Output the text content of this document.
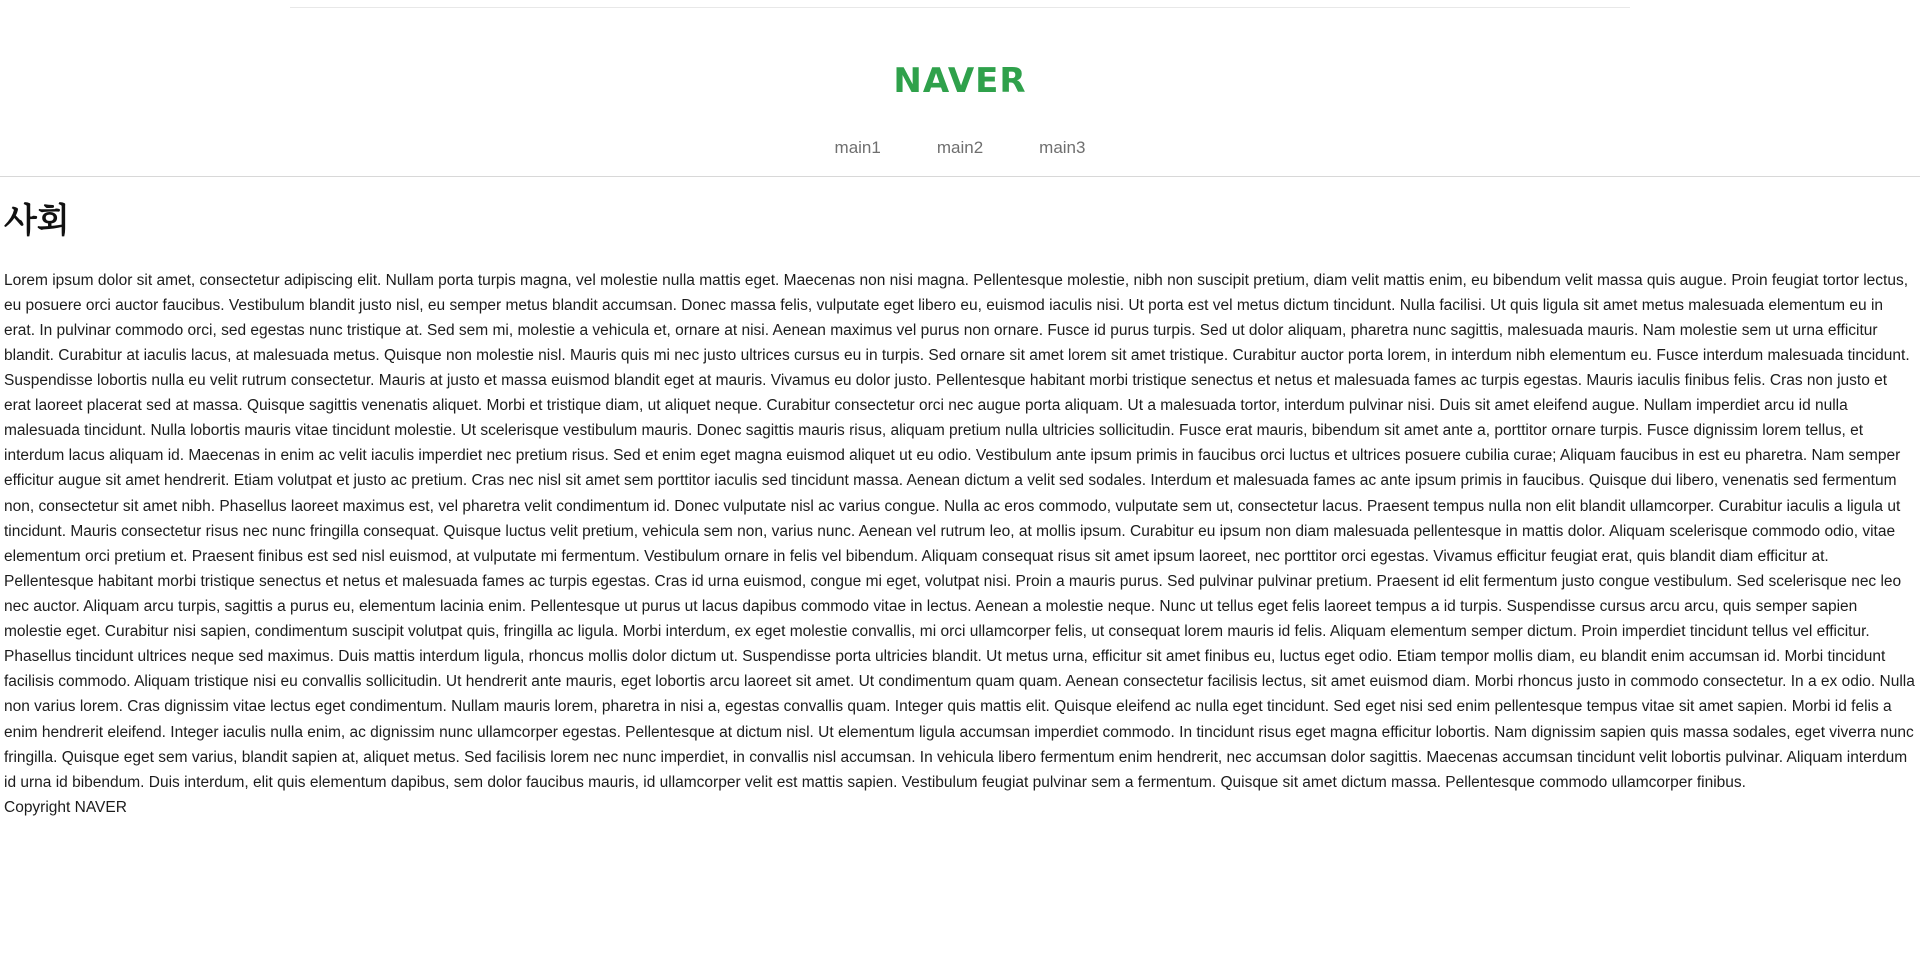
NAVER
main1	main2	main3
사회

Lorem ipsum dolor sit amet, consectetur adipiscing elit. Nullam porta turpis magna, vel molestie nulla mattis eget. Maecenas non nisi magna. Pellentesque molestie, nibh non suscipit pretium, diam velit mattis enim, eu bibendum velit massa quis augue. Proin feugiat tortor lectus, eu posuere orci auctor faucibus. Vestibulum blandit justo nisl, eu semper metus blandit accumsan. Donec massa felis, vulputate eget libero eu, euismod iaculis nisi. Ut porta est vel metus dictum tincidunt. Nulla facilisi. Ut quis ligula sit amet metus malesuada elementum eu in erat. In pulvinar commodo orci, sed egestas nunc tristique at. Sed sem mi, molestie a vehicula et, ornare at nisi. Aenean maximus vel purus non ornare. Fusce id purus turpis. Sed ut dolor aliquam, pharetra nunc sagittis, malesuada mauris. Nam molestie sem ut urna efficitur blandit. Curabitur at iaculis lacus, at malesuada metus. Quisque non molestie nisl. Mauris quis mi nec justo ultrices cursus eu in turpis. Sed ornare sit amet lorem sit amet tristique. Curabitur auctor porta lorem, in interdum nibh elementum eu. Fusce interdum malesuada tincidunt. Suspendisse lobortis nulla eu velit rutrum consectetur. Mauris at justo et massa euismod blandit eget at mauris. Vivamus eu dolor justo. Pellentesque habitant morbi tristique senectus et netus et malesuada fames ac turpis egestas. Mauris iaculis finibus felis. Cras non justo et erat laoreet placerat sed at massa. Quisque sagittis venenatis aliquet. Morbi et tristique diam, ut aliquet neque. Curabitur consectetur orci nec augue porta aliquam. Ut a malesuada tortor, interdum pulvinar nisi. Duis sit amet eleifend augue. Nullam imperdiet arcu id nulla malesuada tincidunt. Nulla lobortis mauris vitae tincidunt molestie. Ut scelerisque vestibulum mauris. Donec sagittis mauris risus, aliquam pretium nulla ultricies sollicitudin. Fusce erat mauris, bibendum sit amet ante a, porttitor ornare turpis. Fusce dignissim lorem tellus, et interdum lacus aliquam id. Maecenas in enim ac velit iaculis imperdiet nec pretium risus. Sed et enim eget magna euismod aliquet ut eu odio. Vestibulum ante ipsum primis in faucibus orci luctus et ultrices posuere cubilia curae; Aliquam faucibus in est eu pharetra. Nam semper efficitur augue sit amet hendrerit. Etiam volutpat et justo ac pretium. Cras nec nisl sit amet sem porttitor iaculis sed tincidunt massa. Aenean dictum a velit sed sodales. Interdum et malesuada fames ac ante ipsum primis in faucibus. Quisque dui libero, venenatis sed fermentum non, consectetur sit amet nibh. Phasellus laoreet maximus est, vel pharetra velit condimentum id. Donec vulputate nisl ac varius congue. Nulla ac eros commodo, vulputate sem ut, consectetur lacus. Praesent tempus nulla non elit blandit ullamcorper. Curabitur iaculis a ligula ut tincidunt. Mauris consectetur risus nec nunc fringilla consequat. Quisque luctus velit pretium, vehicula sem non, varius nunc. Aenean vel rutrum leo, at mollis ipsum. Curabitur eu ipsum non diam malesuada pellentesque in mattis dolor. Aliquam scelerisque commodo odio, vitae elementum orci pretium et. Praesent finibus est sed nisl euismod, at vulputate mi fermentum. Vestibulum ornare in felis vel bibendum. Aliquam consequat risus sit amet ipsum laoreet, nec porttitor orci egestas. Vivamus efficitur feugiat erat, quis blandit diam efficitur at. Pellentesque habitant morbi tristique senectus et netus et malesuada fames ac turpis egestas. Cras id urna euismod, congue mi eget, volutpat nisi. Proin a mauris purus. Sed pulvinar pulvinar pretium. Praesent id elit fermentum justo congue vestibulum. Sed scelerisque nec leo nec auctor. Aliquam arcu turpis, sagittis a purus eu, elementum lacinia enim. Pellentesque ut purus ut lacus dapibus commodo vitae in lectus. Aenean a molestie neque. Nunc ut tellus eget felis laoreet tempus a id turpis. Suspendisse cursus arcu arcu, quis semper sapien molestie eget. Curabitur nisi sapien, condimentum suscipit volutpat quis, fringilla ac ligula. Morbi interdum, ex eget molestie convallis, mi orci ullamcorper felis, ut consequat lorem mauris id felis. Aliquam elementum semper dictum. Proin imperdiet tincidunt tellus vel efficitur. Phasellus tincidunt ultrices neque sed maximus. Duis mattis interdum ligula, rhoncus mollis dolor dictum ut. Suspendisse porta ultricies blandit. Ut metus urna, efficitur sit amet finibus eu, luctus eget odio. Etiam tempor mollis diam, eu blandit enim accumsan id. Morbi tincidunt facilisis commodo. Aliquam tristique nisi eu convallis sollicitudin. Ut hendrerit ante mauris, eget lobortis arcu laoreet sit amet. Ut condimentum quam quam. Aenean consectetur facilisis lectus, sit amet euismod diam. Morbi rhoncus justo in commodo consectetur. In a ex odio. Nulla non varius lorem. Cras dignissim vitae lectus eget condimentum. Nullam mauris lorem, pharetra in nisi a, egestas convallis quam. Integer quis mattis elit. Quisque eleifend ac nulla eget tincidunt. Sed eget nisi sed enim pellentesque tempus vitae sit amet sapien. Morbi id felis a enim hendrerit eleifend. Integer iaculis nulla enim, ac dignissim nunc ullamcorper egestas. Pellentesque at dictum nisl. Ut elementum ligula accumsan imperdiet commodo. In tincidunt risus eget magna efficitur lobortis. Nam dignissim sapien quis massa sodales, eget viverra nunc fringilla. Quisque eget sem varius, blandit sapien at, aliquet metus. Sed facilisis lorem nec nunc imperdiet, in convallis nisl accumsan. In vehicula libero fermentum enim hendrerit, nec accumsan dolor sagittis. Maecenas accumsan tincidunt velit lobortis pulvinar. Aliquam interdum id urna id bibendum. Duis interdum, elit quis elementum dapibus, sem dolor faucibus mauris, id ullamcorper velit est mattis sapien. Vestibulum feugiat pulvinar sem a fermentum. Quisque sit amet dictum massa. Pellentesque commodo ullamcorper finibus.

Copyright NAVER
